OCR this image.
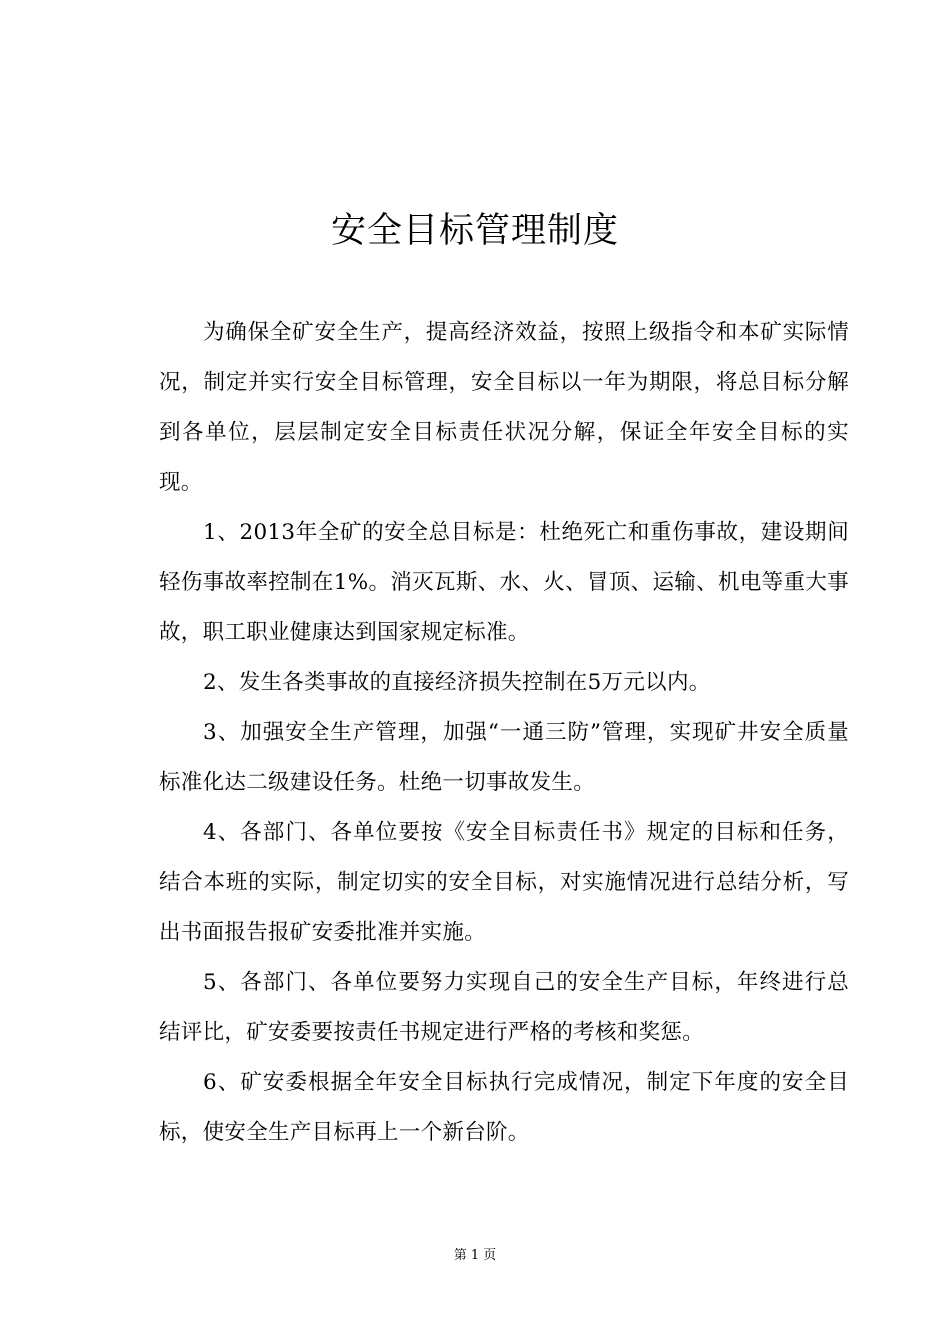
安全目标管理制度

为确保全矿安全生产，提高经济效益，按照上级指令和本矿实际情况，制定并实行安全目标管理，安全目标以一年为期限，将总目标分解到各单位，层层制定安全目标责任状况分解，保证全年安全目标的实现。

1、2013年全矿的安全总目标是：杜绝死亡和重伤事故，建设期间轻伤事故率控制在1%。消灭瓦斯、水、火、冒顶、运输、机电等重大事故，职工职业健康达到国家规定标准。

2、发生各类事故的直接经济损失控制在5万元以内。

3、加强安全生产管理，加强“一通三防”管理，实现矿井安全质量标准化达二级建设任务。杜绝一切事故发生。

4、各部门、各单位要按《安全目标责任书》规定的目标和任务，结合本班的实际，制定切实的安全目标，对实施情况进行总结分析，写出书面报告报矿安委批准并实施。

5、各部门、各单位要努力实现自己的安全生产目标，年终进行总结评比，矿安委要按责任书规定进行严格的考核和奖惩。

6、矿安委根据全年安全目标执行完成情况，制定下年度的安全目标，使安全生产目标再上一个新台阶。

第 1 页
